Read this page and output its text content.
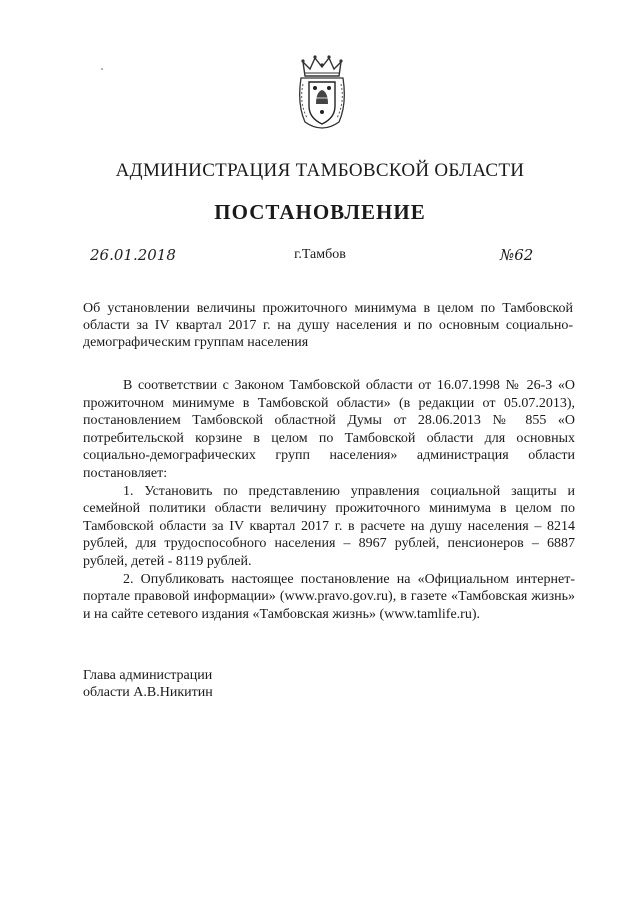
АДМИНИСТРАЦИЯ ТАМБОВСКОЙ ОБЛАСТИ
ПОСТАНОВЛЕНИЕ
26.01.2018	г.Тамбов	№62
Об установлении величины прожиточного минимума в целом по Тамбовской области за IV квартал 2017 г. на душу населения и по основным социально-демографическим группам населения

В соответствии с Законом Тамбовской области от 16.07.1998 № 26-З «О прожиточном минимуме в Тамбовской области» (в редакции от 05.07.2013), постановлением Тамбовской областной Думы от 28.06.2013 № 855 «О потребительской корзине в целом по Тамбовской области для основных социально-демографических групп населения» администрация области постановляет:

1. Установить по представлению управления социальной защиты и семейной политики области величину прожиточного минимума в целом по Тамбовской области за IV квартал 2017 г. в расчете на душу населения – 8214 рублей, для трудоспособного населения – 8967 рублей, пенсионеров – 6887 рублей, детей - 8119 рублей.

2. Опубликовать настоящее постановление на «Официальном интернет-портале правовой информации» (www.pravo.gov.ru), в газете «Тамбовская жизнь» и на сайте сетевого издания «Тамбовская жизнь» (www.tamlife.ru).

Глава администрации
области А.В.Никитин
